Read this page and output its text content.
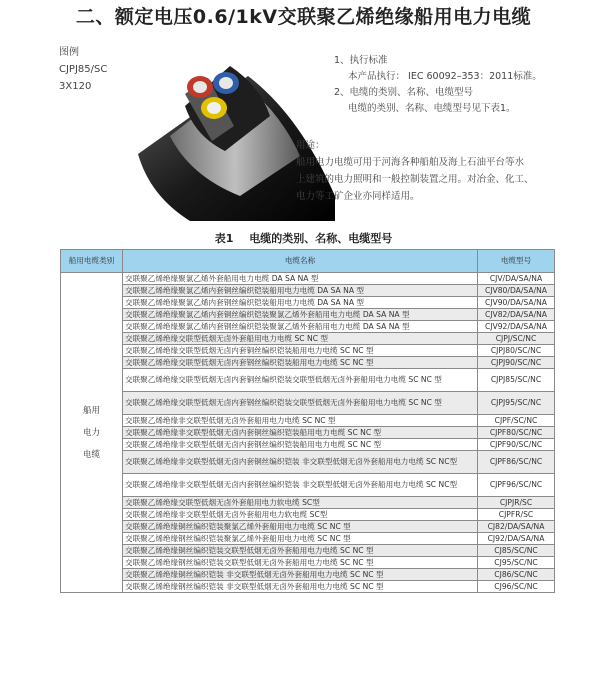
二、额定电压0.6/1kV交联聚乙烯绝缘船用电力电缆
图例
CJPJ85/SC
3X120
1、执行标准
本产品执行： IEC 60092–353：2011标准。
2、电缆的类别、名称、电缆型号
电缆的类别、名称、电缆型号见下表1。
用途：
船用电力电缆可用于河海各种船舶及海上石油平台等水
上建筑的电力照明和一般控制装置之用。对冶金、化工、
电力等工矿企业亦同样适用。
表1 电缆的类别、名称、电缆型号
船用电缆类别	电缆名称	电缆型号

船用
电力
电缆	交联聚乙烯绝缘聚氯乙烯外套船用电力电缆 DA SA NA 型	CJV/DA/SA/NA
	交联聚乙烯绝缘聚氯乙烯内套铜丝编织铠装船用电力电缆 DA SA NA 型	CJV80/DA/SA/NA
	交联聚乙烯绝缘聚氯乙烯内套钢丝编织铠装船用电力电缆 DA SA NA 型	CJV90/DA/SA/NA
	交联聚乙烯绝缘聚氯乙烯内套铜丝编织铠装聚氯乙烯外套船用电力电缆 DA SA NA 型	CJV82/DA/SA/NA
	交联聚乙烯绝缘聚氯乙烯内套钢丝编织铠装聚氯乙烯外套船用电力电缆 DA SA NA 型	CJV92/DA/SA/NA
	交联聚乙烯绝缘交联型低烟无卤外套船用电力电缆 SC NC 型	CJPJ/SC/NC
	交联聚乙烯绝缘交联型低烟无卤内套铜丝编织铠装船用电力电缆 SC NC 型	CJPJ80/SC/NC
	交联聚乙烯绝缘交联型低烟无卤内套钢丝编织铠装船用电力电缆 SC NC 型	CJPJ90/SC/NC
	交联聚乙烯绝缘交联型低烟无卤内套铜丝编织铠装交联型低烟无卤外套船用电力电缆 SC NC 型	CJPJ85/SC/NC
	交联聚乙烯绝缘交联型低烟无卤内套钢丝编织铠装交联型低烟无卤外套船用电力电缆 SC NC 型	CJPJ95/SC/NC
	交联聚乙烯绝缘非交联型低烟无卤外套船用电力电缆 SC NC 型	CJPF/SC/NC
	交联聚乙烯绝缘非交联型低烟无卤内套铜丝编织铠装船用电力电缆 SC NC 型	CJPF80/SC/NC
	交联聚乙烯绝缘非交联型低烟无卤内套钢丝编织铠装船用电力电缆 SC NC 型	CJPF90/SC/NC
	交联聚乙烯绝缘非交联型低烟无卤内套铜丝编织铠装 非交联型低烟无卤外套船用电力电缆 SC NC型	CJPF86/SC/NC
	交联聚乙烯绝缘非交联型低烟无卤内套钢丝编织铠装 非交联型低烟无卤外套船用电力电缆 SC NC型	CJPF96/SC/NC
	交联聚乙烯绝缘交联型低烟无卤外套船用电力软电缆 SC型	CJPJR/SC
	交联聚乙烯绝缘非交联型低烟无卤外套船用电力软电缆 SC型	CJPFR/SC
	交联聚乙烯绝缘铜丝编织铠装聚氯乙烯外套船用电力电缆 SC NC 型	CJ82/DA/SA/NA
	交联聚乙烯绝缘钢丝编织铠装聚氯乙烯外套船用电力电缆 SC NC 型	CJ92/DA/SA/NA
	交联聚乙烯绝缘铜丝编织铠装交联型低烟无卤外套船用电力电缆 SC NC 型	CJ85/SC/NC
	交联聚乙烯绝缘钢丝编织铠装交联型低烟无卤外套船用电力电缆 SC NC 型	CJ95/SC/NC
	交联聚乙烯绝缘铜丝编织铠装 非交联型低烟无卤外套船用电力电缆 SC NC 型	CJ86/SC/NC
	交联聚乙烯绝缘钢丝编织铠装 非交联型低烟无卤外套船用电力电缆 SC NC 型	CJ96/SC/NC
